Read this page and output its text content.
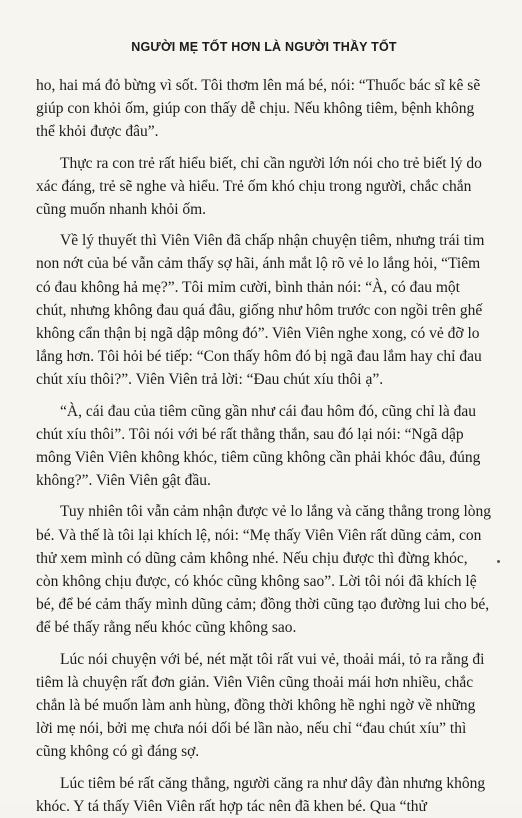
NGƯỜI MẸ TỐT HƠN LÀ NGƯỜI THẦY TỐT

ho, hai má đỏ bừng vì sốt. Tôi thơm lên má bé, nói: “Thuốc bác sĩ kê sẽ giúp con khỏi ốm, giúp con thấy dễ chịu. Nếu không tiêm, bệnh không thể khỏi được đâu”.

Thực ra con trẻ rất hiểu biết, chỉ cần người lớn nói cho trẻ biết lý do xác đáng, trẻ sẽ nghe và hiểu. Trẻ ốm khó chịu trong người, chắc chắn cũng muốn nhanh khỏi ốm.

Về lý thuyết thì Viên Viên đã chấp nhận chuyện tiêm, nhưng trái tim non nớt của bé vẫn cảm thấy sợ hãi, ánh mắt lộ rõ vẻ lo lắng hỏi, “Tiêm có đau không hả mẹ?”. Tôi mỉm cười, bình thản nói: “À, có đau một chút, nhưng không đau quá đâu, giống như hôm trước con ngồi trên ghế không cẩn thận bị ngã dập mông đó”. Viên Viên nghe xong, có vẻ đỡ lo lắng hơn. Tôi hỏi bé tiếp: “Con thấy hôm đó bị ngã đau lắm hay chỉ đau chút xíu thôi?”. Viên Viên trả lời: “Đau chút xíu thôi ạ”.

“À, cái đau của tiêm cũng gần như cái đau hôm đó, cũng chỉ là đau chút xíu thôi”. Tôi nói với bé rất thẳng thắn, sau đó lại nói: “Ngã dập mông Viên Viên không khóc, tiêm cũng không cần phải khóc đâu, đúng không?”. Viên Viên gật đầu.

Tuy nhiên tôi vẫn cảm nhận được vẻ lo lắng và căng thẳng trong lòng bé. Và thế là tôi lại khích lệ, nói: “Mẹ thấy Viên Viên rất dũng cảm, con thử xem mình có dũng cảm không nhé. Nếu chịu được thì đừng khóc, còn không chịu được, có khóc cũng không sao”. Lời tôi nói đã khích lệ bé, để bé cảm thấy mình dũng cảm; đồng thời cũng tạo đường lui cho bé, để bé thấy rằng nếu khóc cũng không sao.

Lúc nói chuyện với bé, nét mặt tôi rất vui vẻ, thoải mái, tỏ ra rằng đi tiêm là chuyện rất đơn giản. Viên Viên cũng thoải mái hơn nhiều, chắc chắn là bé muốn làm anh hùng, đồng thời không hề nghi ngờ về những lời mẹ nói, bởi mẹ chưa nói dối bé lần nào, nếu chỉ “đau chút xíu” thì cũng không có gì đáng sợ.

Lúc tiêm bé rất căng thẳng, người căng ra như dây đàn nhưng không khóc. Y tá thấy Viên Viên rất hợp tác nên đã khen bé. Qua “thử
